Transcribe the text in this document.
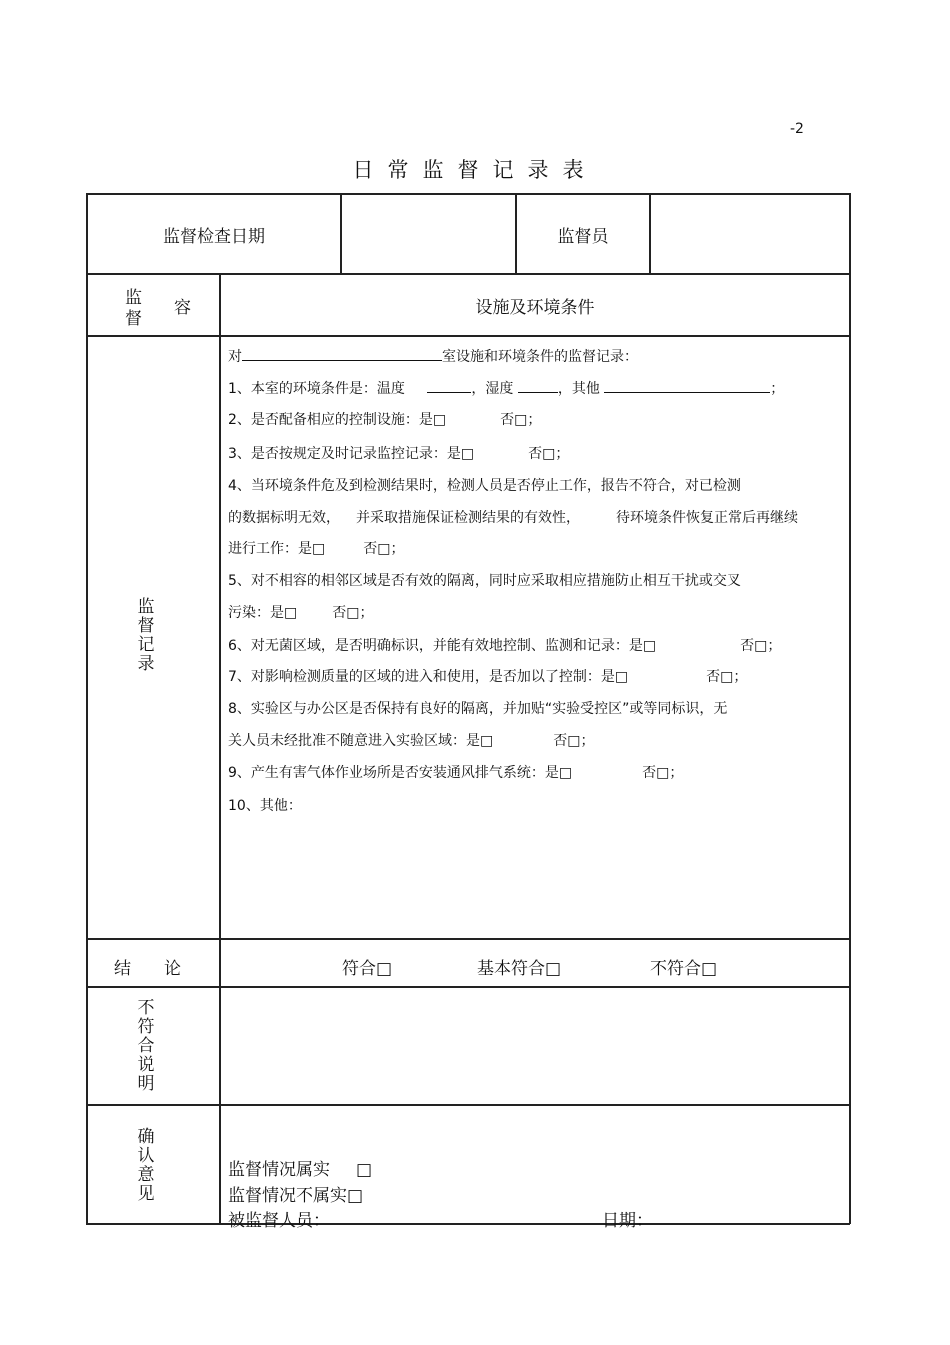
-2
日常监督记录表
监督检查日期	监督员
监
督
容	设施及环境条件
监
督
记
录
对	室设施和环境条件的监督记录：
1、本室的环境条件是：温度	，湿度	，其他	；
2、是否配备相应的控制设施：是□	否□；
3、是否按规定及时记录监控记录：是□	否□；
4、当环境条件危及到检测结果时，检测人员是否停止工作，报告不符合，对已检测
的数据标明无效， 并采取措施保证检测结果的有效性，	待环境条件恢复正常后再继续
进行工作：是□	否□；
5、对不相容的相邻区域是否有效的隔离，同时应采取相应措施防止相互干扰或交叉
污染：是□	否□；
6、对无菌区域，是否明确标识，并能有效地控制、监测和记录：是□	否□；
7、对影响检测质量的区域的进入和使用，是否加以了控制：是□	否□；
8、实验区与办公区是否保持有良好的隔离，并加贴“实验受控区”或等同标识，无
关人员未经批准不随意进入实验区域：是□	否□；
9、产生有害气体作业场所是否安装通风排气系统：是□	否□；
10、其他：
结 论	符合□	基本符合□	不符合□
不
符
合
说
明
确
认
意
见
监督情况属实 □
监督情况不属实□
被监督人员：	日期：
